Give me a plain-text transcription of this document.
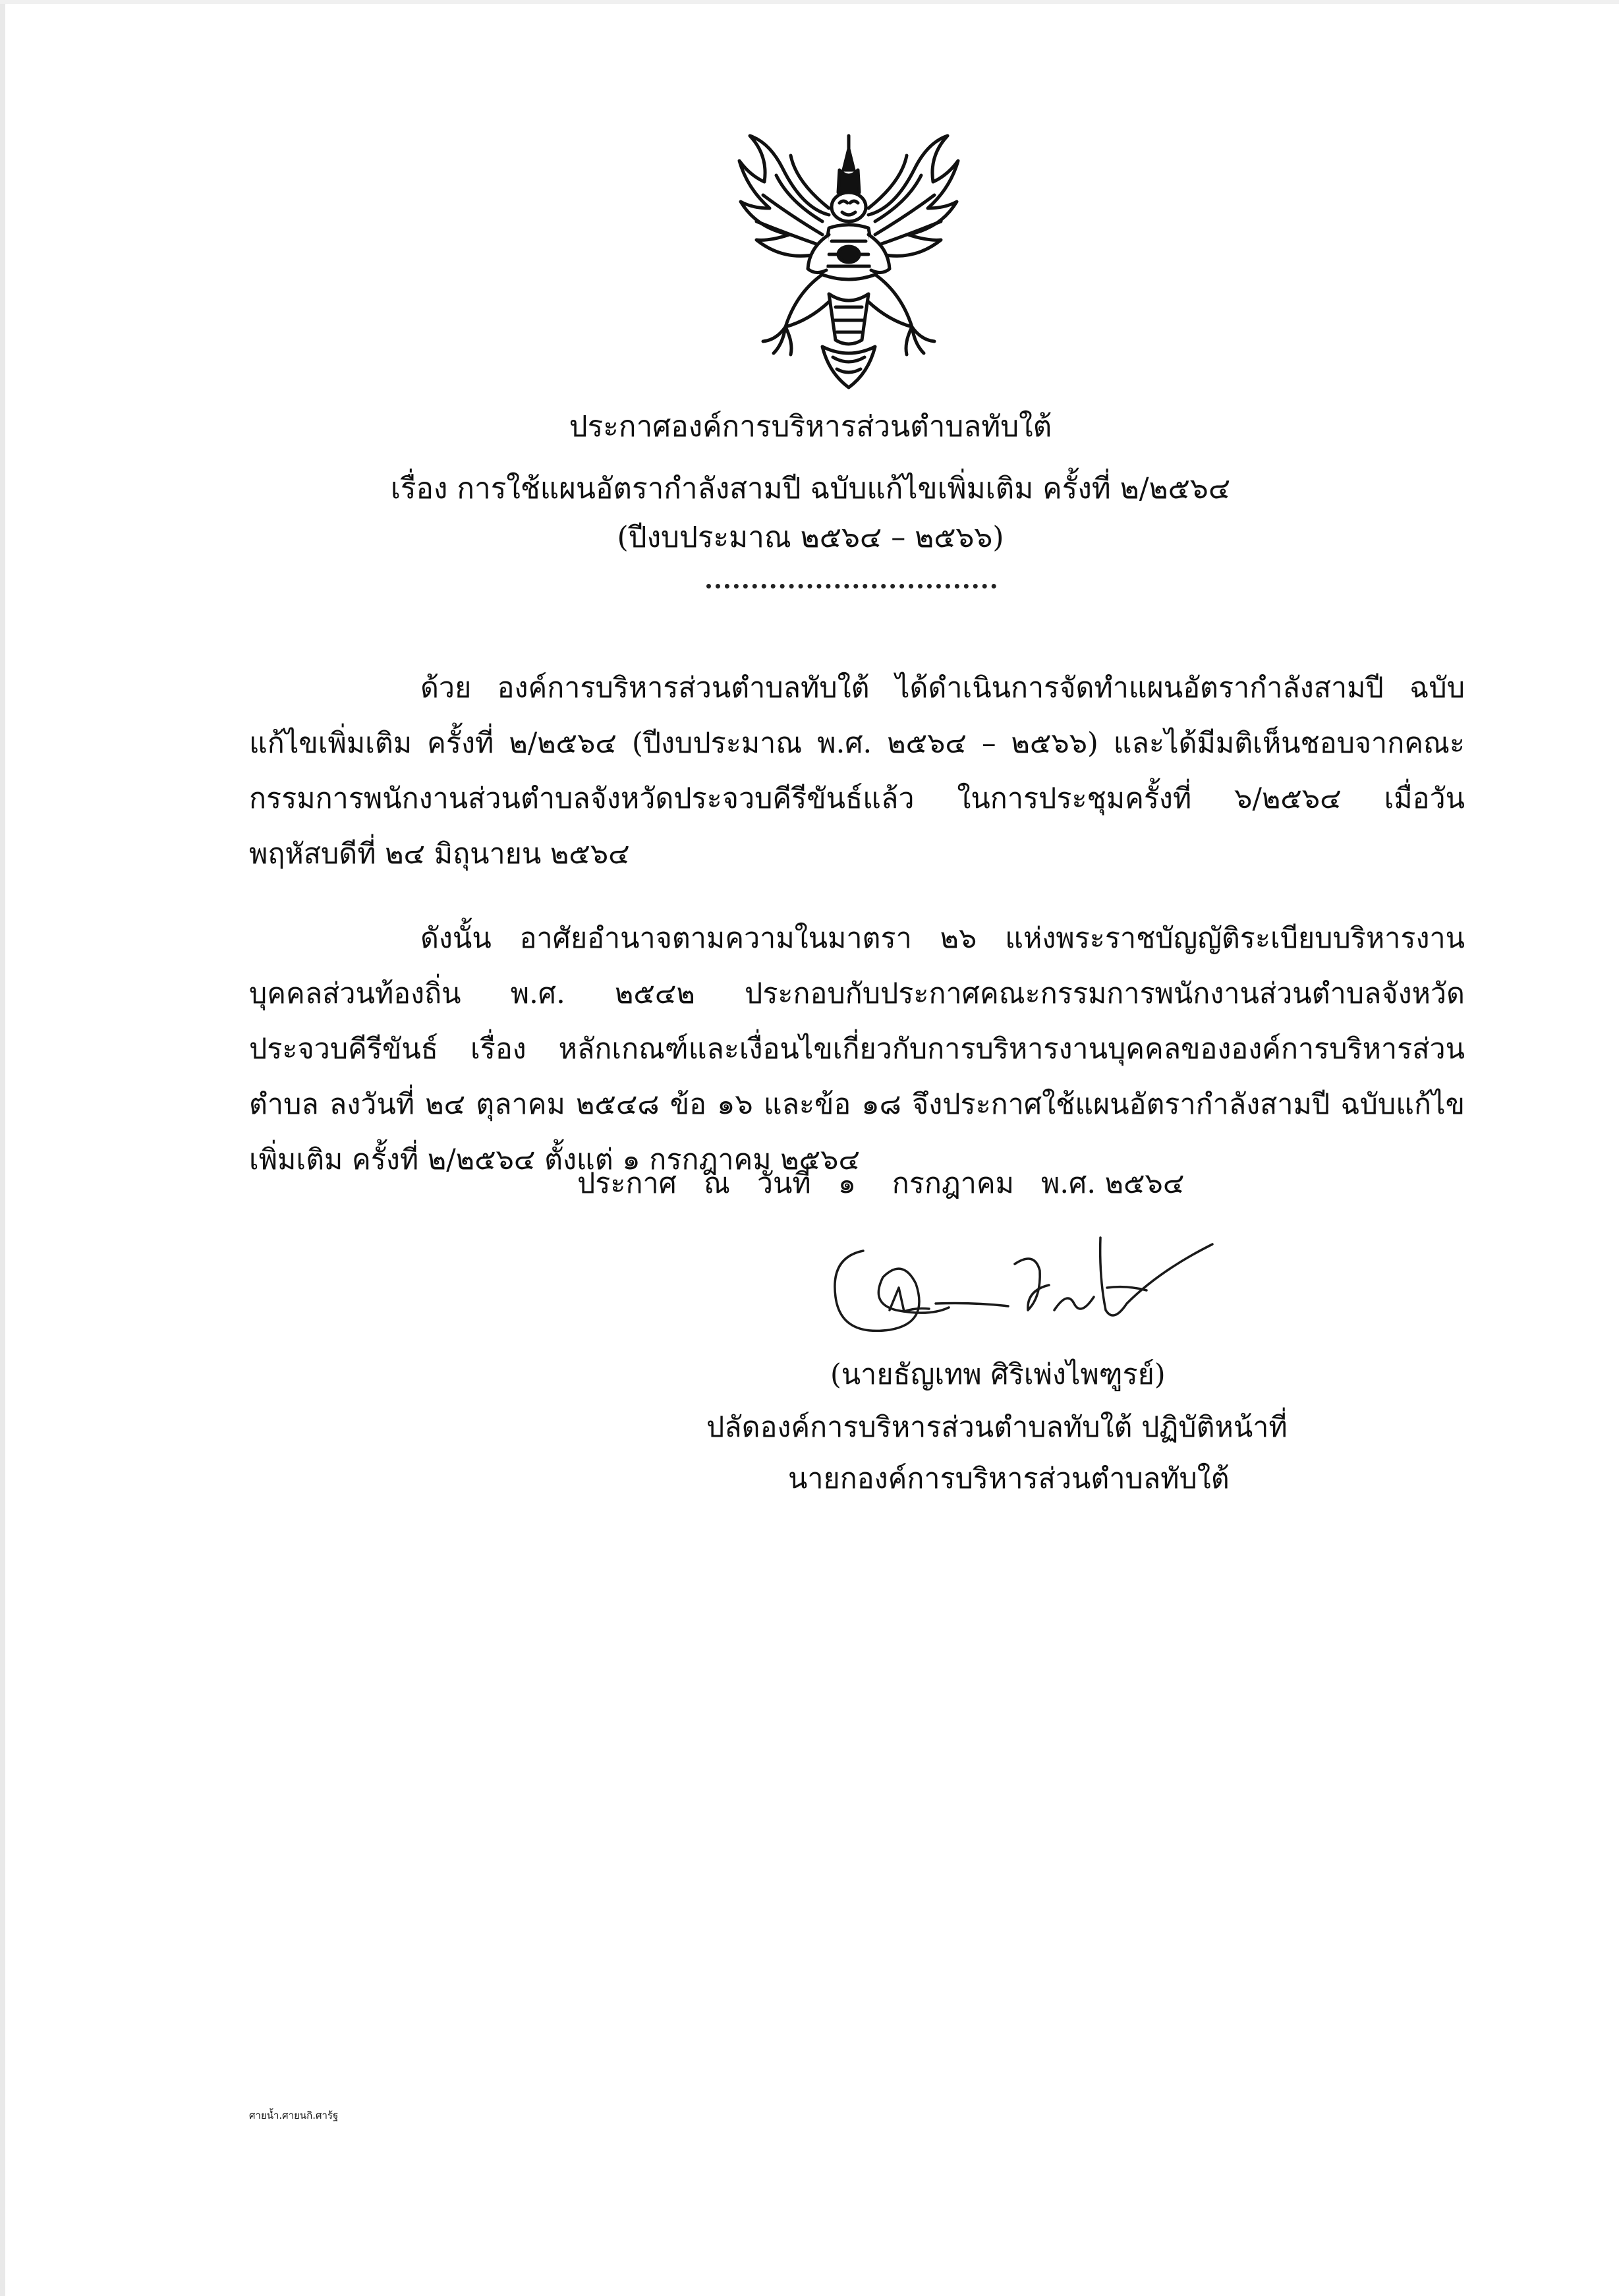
ประกาศองค์การบริหารส่วนตำบลทับใต้
เรื่อง การใช้แผนอัตรากำลังสามปี ฉบับแก้ไขเพิ่มเติม ครั้งที่ ๒/๒๕๖๔
(ปีงบประมาณ ๒๕๖๔ – ๒๕๖๖)

ด้วย องค์การบริหารส่วนตำบลทับใต้ ได้ดำเนินการจัดทำแผนอัตรากำลังสามปี ฉบับแก้ไขเพิ่มเติม ครั้งที่ ๒/๒๕๖๔ (ปีงบประมาณ พ.ศ. ๒๕๖๔ – ๒๕๖๖) และได้มีมติเห็นชอบจากคณะกรรมการพนักงานส่วนตำบลจังหวัดประจวบคีรีขันธ์แล้ว ในการประชุมครั้งที่ ๖/๒๕๖๔ เมื่อวันพฤหัสบดีที่ ๒๔ มิถุนายน ๒๕๖๔

ดังนั้น อาศัยอำนาจตามความในมาตรา ๒๖ แห่งพระราชบัญญัติระเบียบบริหารงานบุคคลส่วนท้องถิ่น พ.ศ. ๒๕๔๒ ประกอบกับประกาศคณะกรรมการพนักงานส่วนตำบลจังหวัดประจวบคีรีขันธ์ เรื่อง หลักเกณฑ์และเงื่อนไขเกี่ยวกับการบริหารงานบุคคลขององค์การบริหารส่วนตำบล ลงวันที่ ๒๔ ตุลาคม ๒๕๔๘ ข้อ ๑๖ และข้อ ๑๘ จึงประกาศใช้แผนอัตรากำลังสามปี ฉบับแก้ไขเพิ่มเติม ครั้งที่ ๒/๒๕๖๔ ตั้งแต่ ๑ กรกฎาคม ๒๕๖๔

ประกาศ   ณ   วันที่   ๑    กรกฎาคม   พ.ศ. ๒๕๖๔
(นายธัญเทพ ศิริเพ่งไพฑูรย์)
ปลัดองค์การบริหารส่วนตำบลทับใต้ ปฏิบัติหน้าที่
นายกองค์การบริหารส่วนตำบลทับใต้
ศายน้ำ.ศายนกิ.ศาร้ฐ
